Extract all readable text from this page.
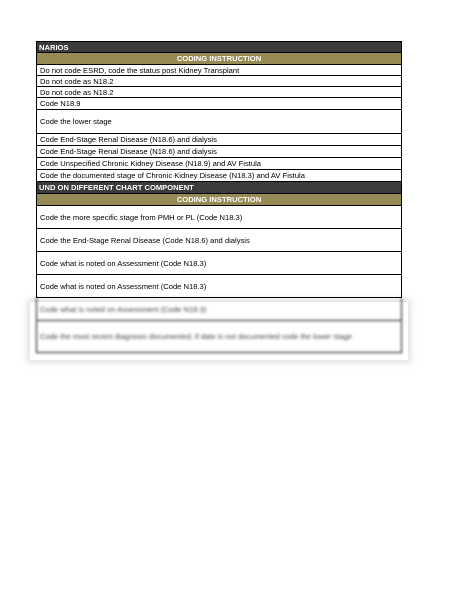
NARIOS
CODING INSTRUCTION
Do not code ESRD, code the status post Kidney Transplant
Do not code as N18.2
Do not code as N18.2
Code N18.9
Code the lower stage
Code End-Stage Renal Disease (N18.6) and dialysis
Code End-Stage Renal Disease (N18.6) and dialysis
Code Unspecified Chronic Kidney Disease (N18.9) and AV Fistula
Code the documented stage of Chronic Kidney Disease (N18.3) and AV Fistula
UND ON DIFFERENT CHART COMPONENT
CODING INSTRUCTION
Code the more specific stage from PMH or PL (Code N18.3)
Code the End-Stage Renal Disease (Code N18.6) and dialysis
Code what is noted on Assessment (Code N18.3)
Code what is noted on Assessment (Code N18.3)
Code what is noted on Assessment (Code N18.3)
Code the most recent diagnosis documented, if date is not documented code the lower stage
